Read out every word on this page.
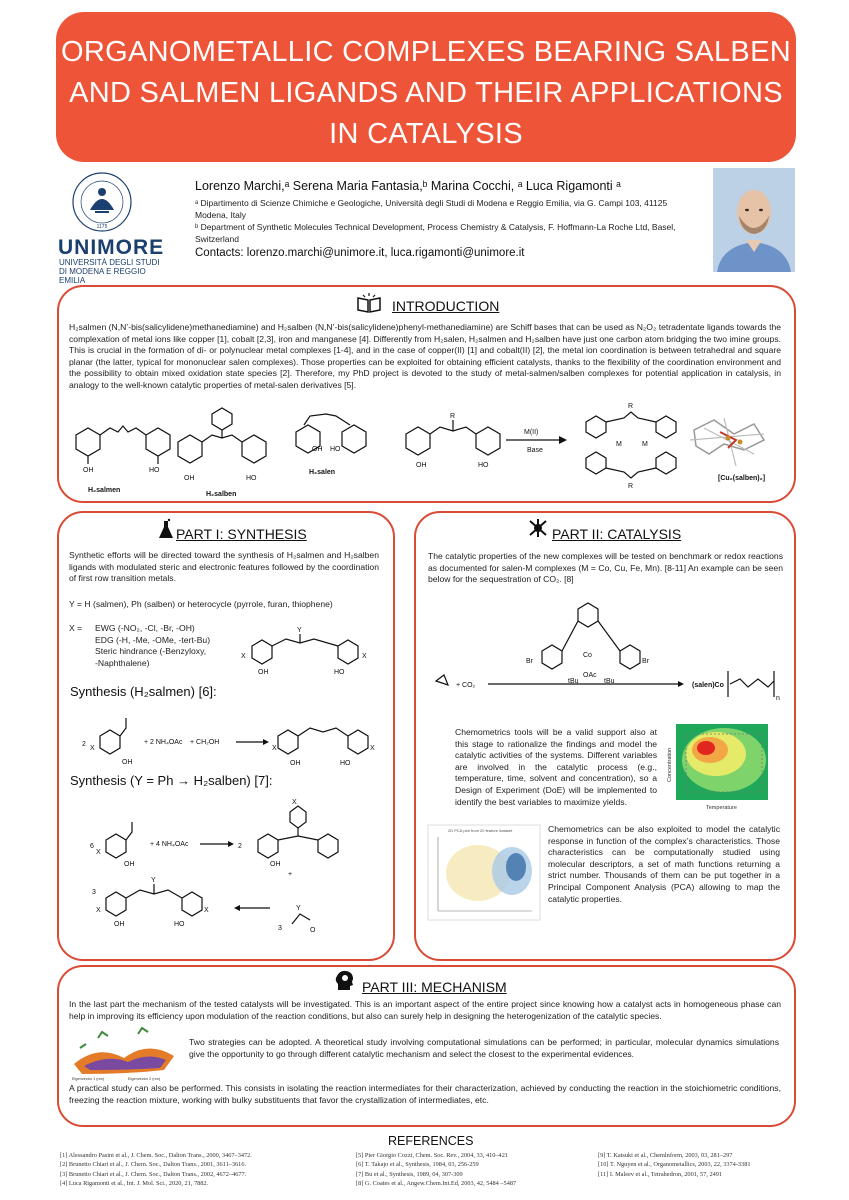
ORGANOMETALLIC COMPLEXES BEARING SALBEN
AND SALMEN LIGANDS AND THEIR APPLICATIONS
IN CATALYSIS
1175
UNIMORE
UNIVERSITÀ DEGLI STUDI DI MODENA E REGGIO EMILIA
Lorenzo Marchi,ᵃ Serena Maria Fantasia,ᵇ Marina Cocchi, ᵃ Luca Rigamonti ᵃ
ᵃ Dipartimento di Scienze Chimiche e Geologiche, Università degli Studi di Modena e Reggio Emilia, via G. Campi 103, 41125 Modena, Italy
ᵇ Department of Synthetic Molecules Technical Development, Process Chemistry & Catalysis, F. Hoffmann-La Roche Ltd, Basel, Switzerland
Contacts: lorenzo.marchi@unimore.it, luca.rigamonti@unimore.it
INTRODUCTION
H₂salmen (N,N’-bis(salicylidene)methanediamine) and H₂salben (N,N’-bis(salicylidene)phenyl-methanediamine) are Schiff bases that can be used as N₂O₂ tetradentate ligands towards the complexation of metal ions like copper [1], cobalt [2,3], iron and manganese [4]. Differently from H₂salen, H₂salmen and H₂salben have just one carbon atom bridging the two imine groups. This is crucial in the formation of di- or polynuclear metal complexes [1-4], and in the case of copper(II) [1] and cobalt(II) [2], the metal ion coordination is between tetrahedral and square planar (the latter, typical for mononuclear salen complexes). Those properties can be exploited for obtaining efficient catalysts, thanks to the flexibility of the coordination environment and the possibility to obtain mixed oxidation state species [2]. Therefore, my PhD project is devoted to the study of metal-salmen/salben complexes for potential application in catalysis, in analogy to the well-known catalytic properties of metal-salen derivatives [5].
OH	HO
H₂salmen
OH	HO
H₂salben
OH HO
H₂salen
R
OH	HO
M(II)
Base
R
R
M	M
[Cu₂(salben)₂]
PART I: SYNTHESIS
Synthetic efforts will be directed toward the synthesis of H₂salmen and H₂salben ligands with modulated steric and electronic features followed by the coordination of first row transition metals.
Y = H (salmen), Ph (salben) or heterocycle (pyrrole, furan, thiophene)
X = EWG (-NO₂, -Cl, -Br, -OH)
EDG (-H, -Me, -OMe, -tert-Bu)
Steric hindrance (-Benzyloxy,
-Naphthalene)
Y
X	X
OH	HO
Synthesis (H₂salmen) [6]:
2
X
OH
+ 2 NH₄OAc + CH₂OH
X	X
OH	HO
Synthesis (Y = Ph → H₂salben) [7]:
6
X
OH
+ 4 NH₄OAc	2
X
OH
+
3
Y
O
3
Y
X	X
OH	HO
PART II: CATALYSIS
The catalytic properties of the new complexes will be tested on benchmark or redox reactions as documented for salen-M complexes (M = Co, Cu, Fe, Mn). [8-11] An example can be seen below for the sequestration of CO₂. [8]
Co
OAc
Br	Br
tBu	tBu
+ CO₂	(salen)Co
n
Chemometrics tools will be a valid support also at this stage to rationalize the findings and model the catalytic activities of the systems. Different variables are involved in the catalytic process (e.g., temperature, time, solvent and concentration), so a Design of Experiment (DoE) will be implemented to identify the best variables to maximize yields.
Temperature
Concentration
2D PCA plot from 20 feature dataset	Chemometrics can be also exploited to model the catalytic response in function of the complex’s characteristics. Those characteristics can be computationally studied using molecular descriptors, a set of math functions returning a strict number. Thousands of them can be put together in a Principal Component Analysis (PCA) allowing to map the catalytic properties.
PART III: MECHANISM
In the last part the mechanism of the tested catalysts will be investigated. This is an important aspect of the entire project since knowing how a catalyst acts in homogeneous phase can help in improving its efficiency upon modulation of the reaction conditions, but also can surely help in designing the heterogenization of the catalytic species.
Eigenvector 1 (nm)	Eigenvector 2 (nm)
Two strategies can be adopted. A theoretical study involving computational simulations can be performed; in particular, molecular dynamics simulations give the opportunity to go through different catalytic mechanism and select the closest to the experimental evidences.
A practical study can also be performed. This consists in isolating the reaction intermediates for their characterization, achieved by conducting the reaction in the stoichiometric conditions, freezing the reaction mixture, working with bulky substituents that favor the crystallization of intermediates, etc.
REFERENCES
[1] Alessandro Pasini et al., J. Chem. Soc., Dalton Trans., 2000, 3467–3472.
[2] Brunetto Chiari et al., J. Chem. Soc., Dalton Trans., 2001, 3611–3616.
[3] Brunetto Chiari et al., J. Chem. Soc., Dalton Trans., 2002, 4672–4677.
[4] Luca Rigamonti et al., Int. J. Mol. Sci., 2020, 21, 7882.
[5] Pier Giorgio Cozzi, Chem. Soc. Rev., 2004, 33, 410–421
[6] T. Takajo et al., Synthesis, 1984, 03, 256-259
[7] Bu et al., Synthesis, 1989, 04, 307-309
[8] G. Coates et al., Angew.Chem.Int.Ed, 2003, 42, 5484 –5487
[9] T. Katsuki et al., Chemlnform, 2003, 03, 281–297
[10] T. Nguyen et al., Organometallics, 2003, 22, 3374-3381
[11] I. Maleev et al., Tetrahedron, 2001, 57, 2491
